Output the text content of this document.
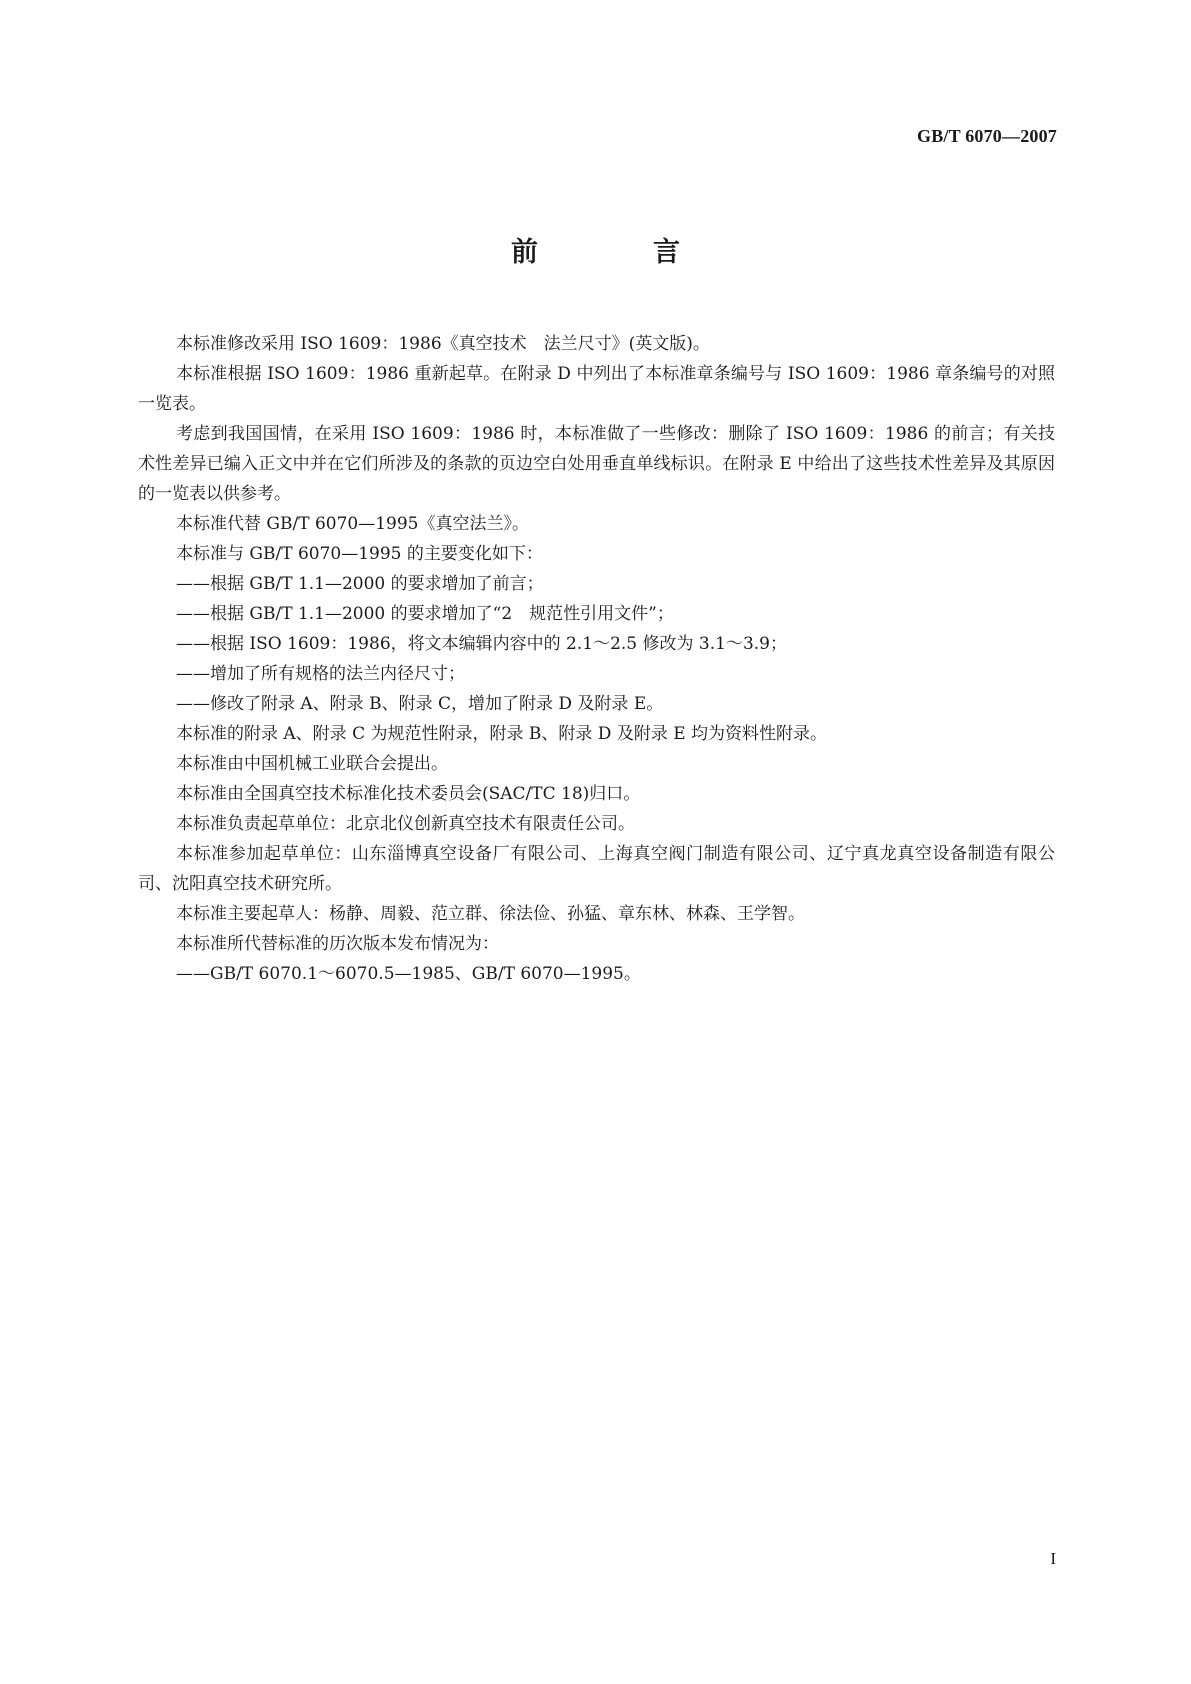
GB/T 6070—2007
前　言

本标准修改采用 ISO 1609：1986《真空技术　法兰尺寸》(英文版)。

本标准根据 ISO 1609：1986 重新起草。在附录 D 中列出了本标准章条编号与 ISO 1609：1986 章条编号的对照一览表。

考虑到我国国情，在采用 ISO 1609：1986 时，本标准做了一些修改：删除了 ISO 1609：1986 的前言；有关技术性差异已编入正文中并在它们所涉及的条款的页边空白处用垂直单线标识。在附录 E 中给出了这些技术性差异及其原因的一览表以供参考。

本标准代替 GB/T 6070—1995《真空法兰》。

本标准与 GB/T 6070—1995 的主要变化如下：

——根据 GB/T 1.1—2000 的要求增加了前言；

——根据 GB/T 1.1—2000 的要求增加了“2　规范性引用文件”；

——根据 ISO 1609：1986，将文本编辑内容中的 2.1～2.5 修改为 3.1～3.9；

——增加了所有规格的法兰内径尺寸；

——修改了附录 A、附录 B、附录 C，增加了附录 D 及附录 E。

本标准的附录 A、附录 C 为规范性附录，附录 B、附录 D 及附录 E 均为资料性附录。

本标准由中国机械工业联合会提出。

本标准由全国真空技术标准化技术委员会(SAC/TC 18)归口。

本标准负责起草单位：北京北仪创新真空技术有限责任公司。

本标准参加起草单位：山东淄博真空设备厂有限公司、上海真空阀门制造有限公司、辽宁真龙真空设备制造有限公司、沈阳真空技术研究所。

本标准主要起草人：杨静、周毅、范立群、徐法俭、孙猛、章东林、林森、王学智。

本标准所代替标准的历次版本发布情况为：

——GB/T 6070.1～6070.5—1985、GB/T 6070—1995。

I
